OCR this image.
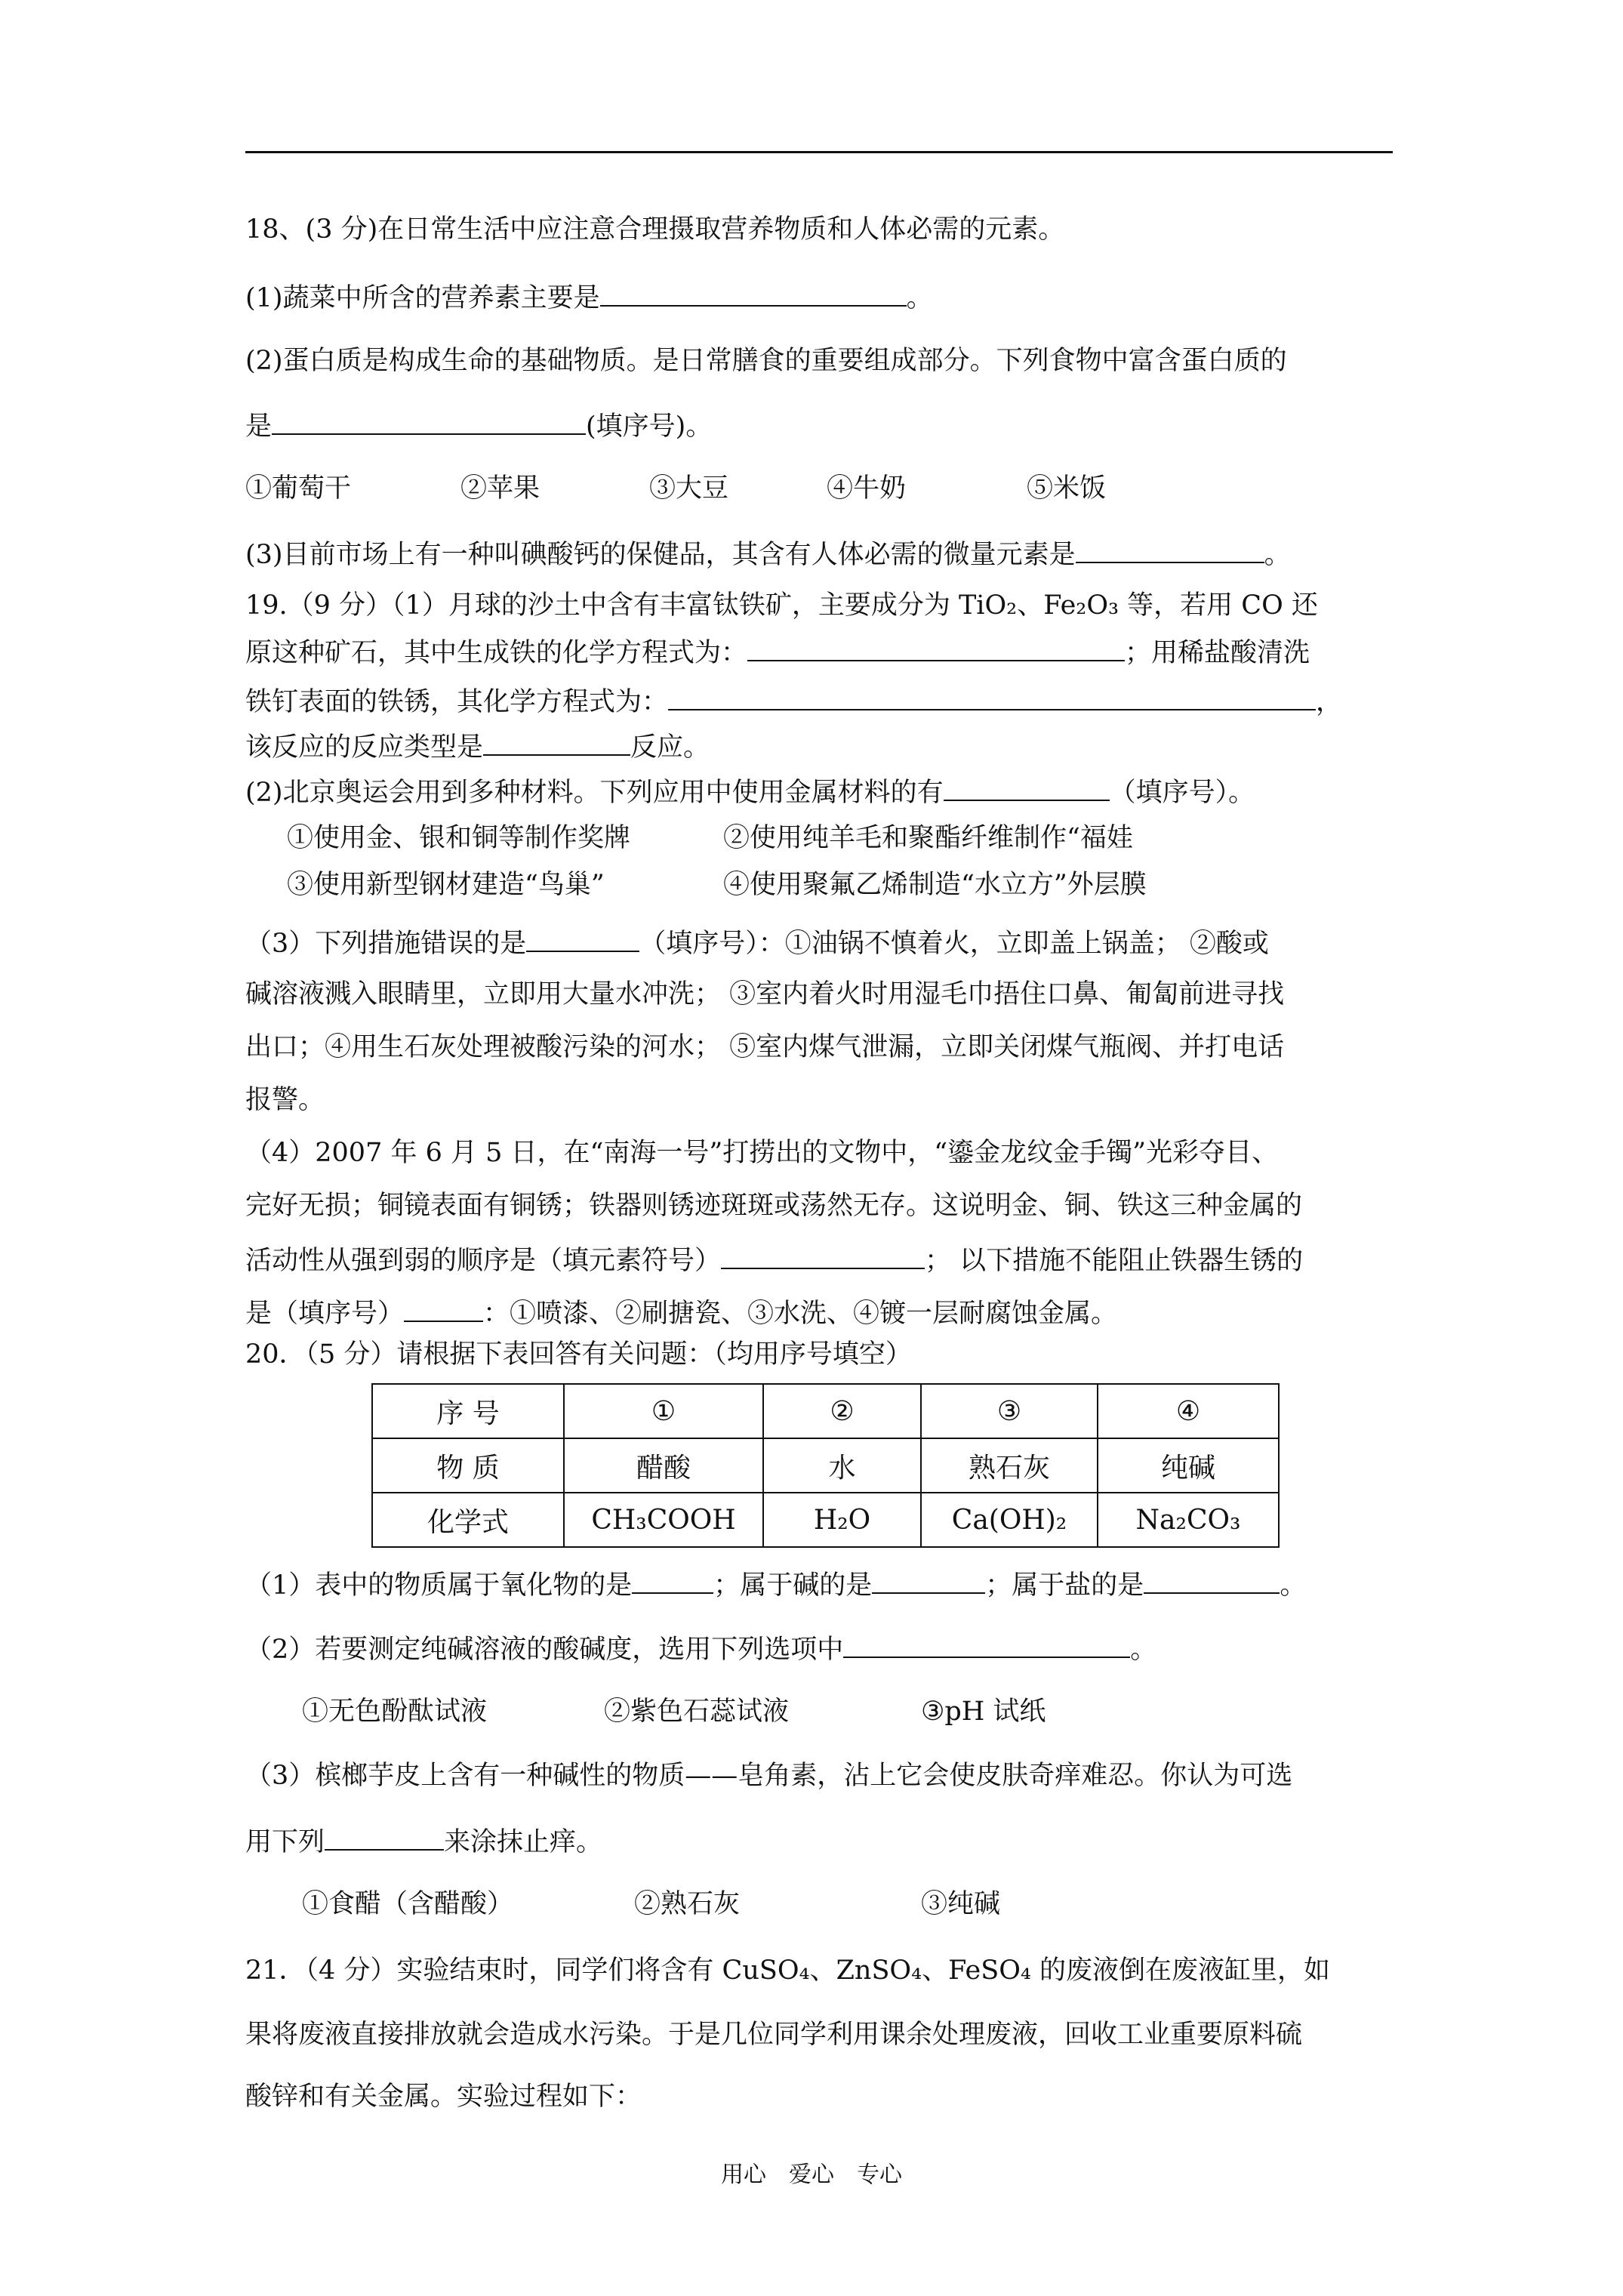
18、(3 分)在日常生活中应注意合理摄取营养物质和人体必需的元素。
(1)蔬菜中所含的营养素主要是	。
(2)蛋白质是构成生命的基础物质。是日常膳食的重要组成部分。下列食物中富含蛋白质的
是	(填序号)。
①葡萄干	②苹果	③大豆	④牛奶	⑤米饭
(3)目前市场上有一种叫碘酸钙的保健品，其含有人体必需的微量元素是	。
19.（9 分）（1）月球的沙土中含有丰富钛铁矿，主要成分为 TiO₂、Fe₂O₃ 等，若用 CO 还
原这种矿石，其中生成铁的化学方程式为：	；用稀盐酸清洗
铁钉表面的铁锈，其化学方程式为：	，
该反应的反应类型是	反应。
(2)北京奥运会用到多种材料。下列应用中使用金属材料的有	（填序号）。
①使用金、银和铜等制作奖牌	②使用纯羊毛和聚酯纤维制作“福娃
③使用新型钢材建造“鸟巢”	④使用聚氟乙烯制造“水立方”外层膜
（3）下列措施错误的是	（填序号）：①油锅不慎着火，立即盖上锅盖； ②酸或
碱溶液溅入眼睛里，立即用大量水冲洗； ③室内着火时用湿毛巾捂住口鼻、匍匐前进寻找
出口；④用生石灰处理被酸污染的河水； ⑤室内煤气泄漏，立即关闭煤气瓶阀、并打电话
报警。
（4）2007 年 6 月 5 日，在“南海一号”打捞出的文物中，“鎏金龙纹金手镯”光彩夺目、
完好无损；铜镜表面有铜锈；铁器则锈迹斑斑或荡然无存。这说明金、铜、铁这三种金属的
活动性从强到弱的顺序是（填元素符号）	； 以下措施不能阻止铁器生锈的
是（填序号）	：①喷漆、②刷搪瓷、③水洗、④镀一层耐腐蚀金属。
20．（5 分）请根据下表回答有关问题：（均用序号填空）
序 号	①	②	③	④
物 质	醋酸	水	熟石灰	纯碱
化学式	CH₃COOH	H₂O	Ca(OH)₂	Na₂CO₃
（1）表中的物质属于氧化物的是	；属于碱的是	；属于盐的是	。
（2）若要测定纯碱溶液的酸碱度，选用下列选项中	。
①无色酚酞试液	②紫色石蕊试液	③pH 试纸
（3）槟榔芋皮上含有一种碱性的物质——皂角素，沾上它会使皮肤奇痒难忍。你认为可选
用下列	来涂抹止痒。
①食醋（含醋酸）	②熟石灰	③纯碱
21．（4 分）实验结束时，同学们将含有 CuSO₄、ZnSO₄、FeSO₄ 的废液倒在废液缸里，如
果将废液直接排放就会造成水污染。于是几位同学利用课余处理废液，回收工业重要原料硫
酸锌和有关金属。实验过程如下：
用心　爱心　专心
